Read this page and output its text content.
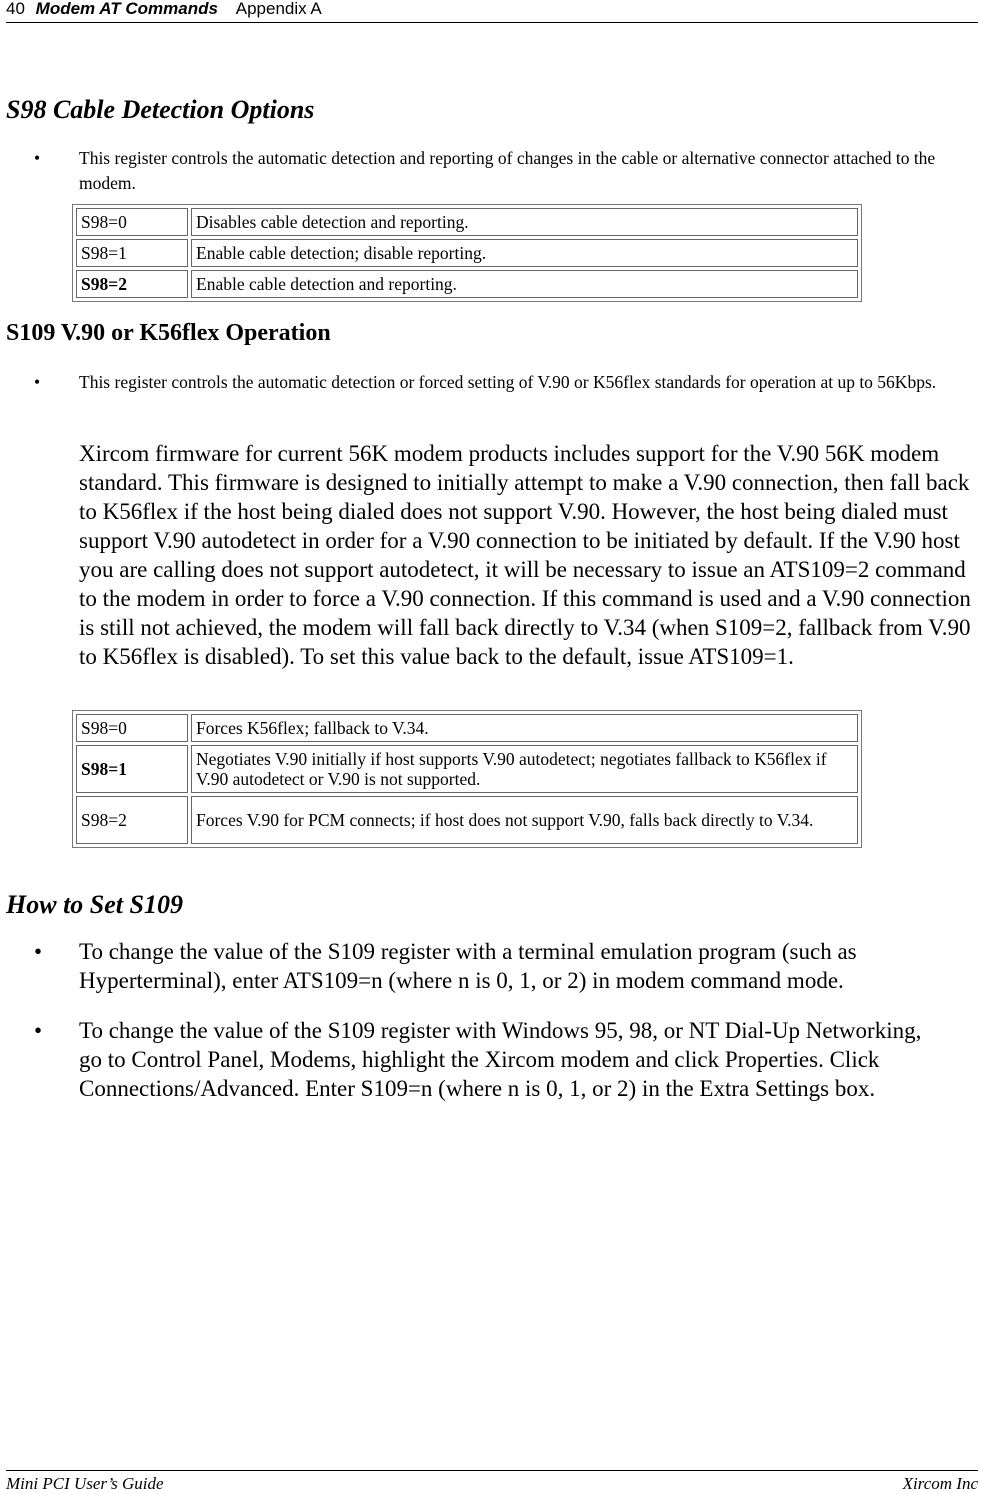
40 Modem AT Commands Appendix A
S98 Cable Detection Options
• This register controls the automatic detection and reporting of changes in the cable or alternative connector attached to the modem.
S98=0	Disables cable detection and reporting.
S98=1	Enable cable detection; disable reporting.
S98=2	Enable cable detection and reporting.
S109 V.90 or K56flex Operation
• This register controls the automatic detection or forced setting of V.90 or K56flex standards for operation at up to 56Kbps.

Xircom firmware for current 56K modem products includes support for the V.90 56K modem standard. This firmware is designed to initially attempt to make a V.90 connection, then fall back to K56flex if the host being dialed does not support V.90. However, the host being dialed must support V.90 autodetect in order for a V.90 connection to be initiated by default. If the V.90 host you are calling does not support autodetect, it will be necessary to issue an ATS109=2 command to the modem in order to force a V.90 connection. If this command is used and a V.90 connection is still not achieved, the modem will fall back directly to V.34 (when S109=2, fallback from V.90 to K56flex is disabled). To set this value back to the default, issue ATS109=1.

S98=0	Forces K56flex; fallback to V.34.
S98=1	Negotiates V.90 initially if host supports V.90 autodetect; negotiates fallback to K56flex if V.90 autodetect or V.90 is not supported.
S98=2	Forces V.90 for PCM connects; if host does not support V.90, falls back directly to V.34.
How to Set S109
• To change the value of the S109 register with a terminal emulation program (such as Hyperterminal), enter ATS109=n (where n is 0, 1, or 2) in modem command mode.
• To change the value of the S109 register with Windows 95, 98, or NT Dial-Up Networking, go to Control Panel, Modems, highlight the Xircom modem and click Properties. Click Connections/Advanced. Enter S109=n (where n is 0, 1, or 2) in the Extra Settings box.
Mini PCI User’s Guide	Xircom Inc
